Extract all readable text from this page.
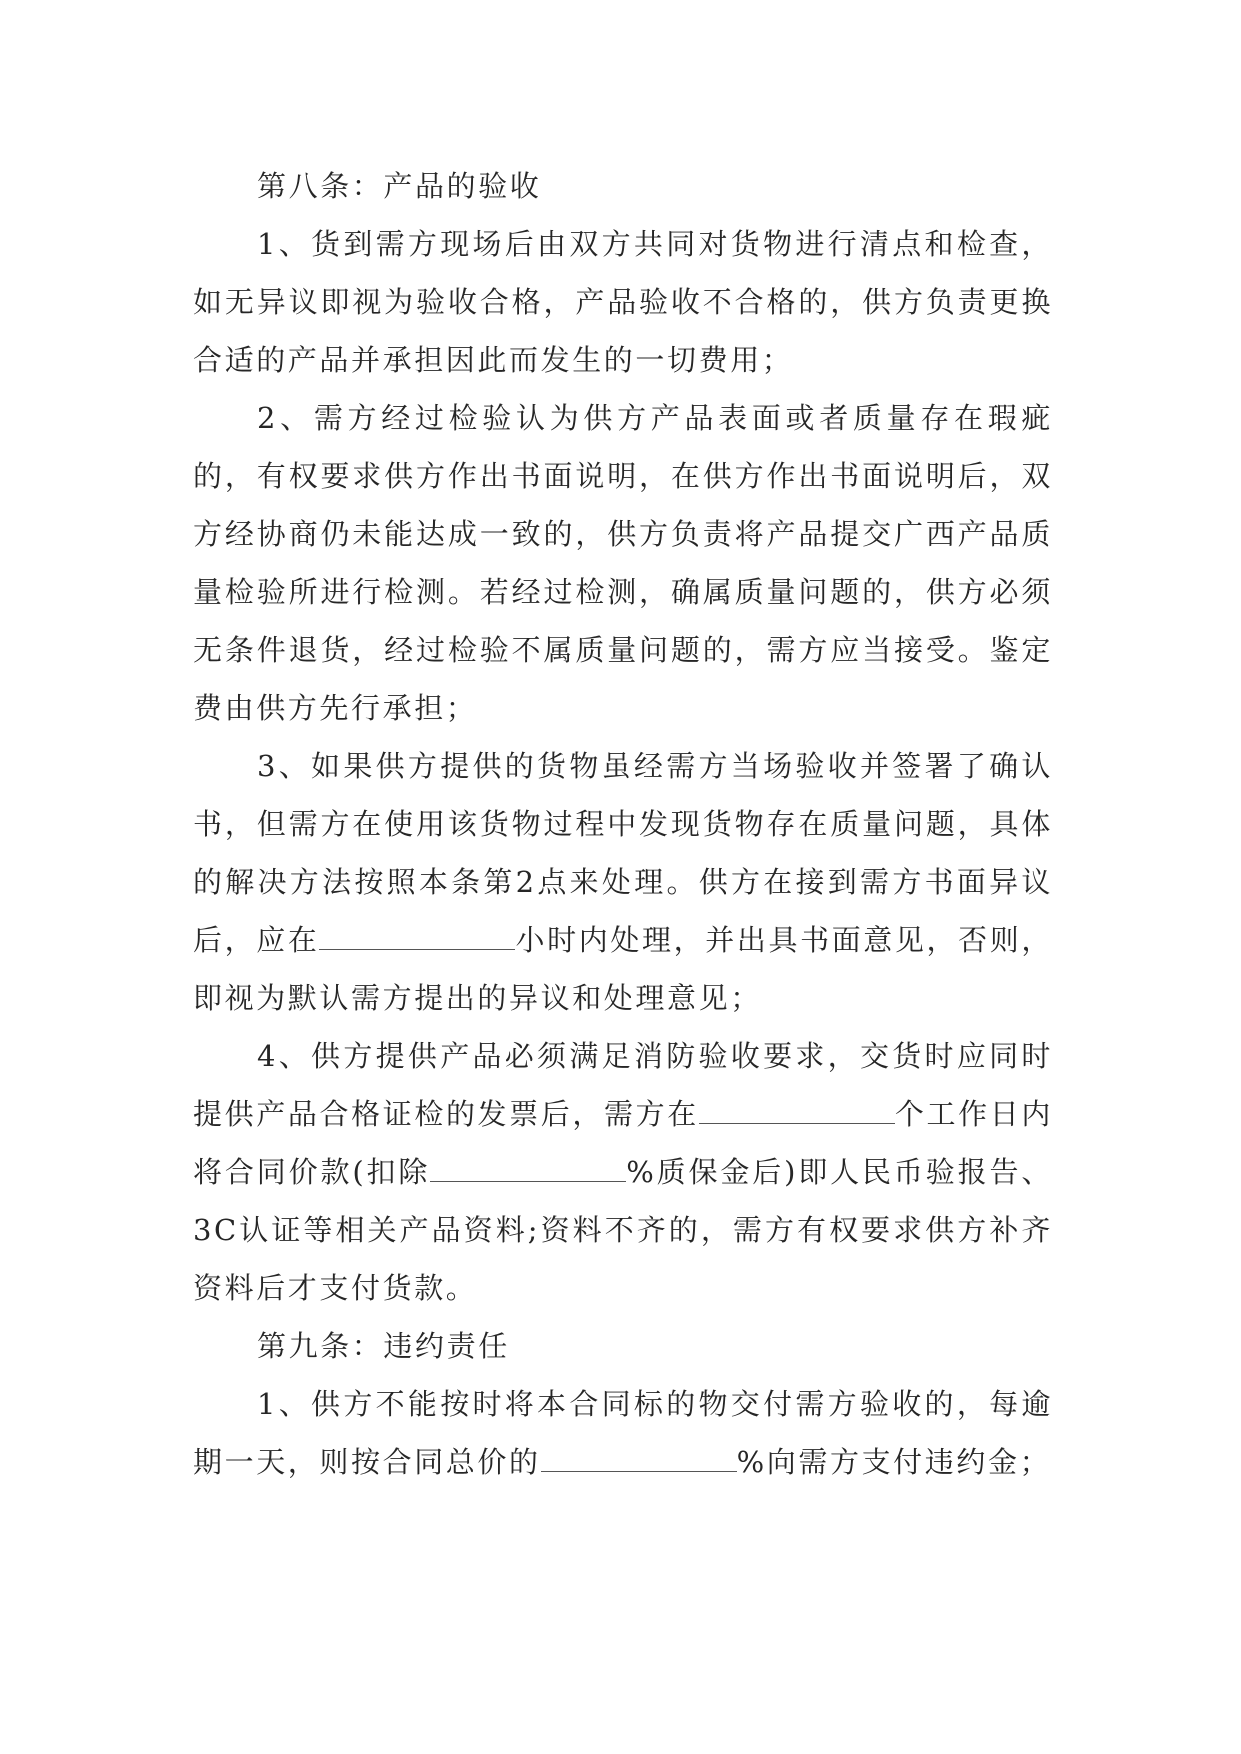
第八条：产品的验收

1、货到需方现场后由双方共同对货物进行清点和检查，如无异议即视为验收合格，产品验收不合格的，供方负责更换合适的产品并承担因此而发生的一切费用；

2、需方经过检验认为供方产品表面或者质量存在瑕疵的，有权要求供方作出书面说明，在供方作出书面说明后，双方经协商仍未能达成一致的，供方负责将产品提交广西产品质量检验所进行检测。若经过检测，确属质量问题的，供方必须无条件退货，经过检验不属质量问题的，需方应当接受。鉴定费由供方先行承担；

3、如果供方提供的货物虽经需方当场验收并签署了确认书，但需方在使用该货物过程中发现货物存在质量问题，具体的解决方法按照本条第2点来处理。供方在接到需方书面异议后，应在	小时内处理，并出具书面意见，否则，即视为默认需方提出的异议和处理意见；

4、供方提供产品必须满足消防验收要求，交货时应同时提供产品合格证检的发票后，需方在	个工作日内将合同价款(扣除	%质保金后)即人民币验报告、3C认证等相关产品资料;资料不齐的，需方有权要求供方补齐资料后才支付货款。

第九条：违约责任

1、供方不能按时将本合同标的物交付需方验收的，每逾期一天，则按合同总价的	%向需方支付违约金；
